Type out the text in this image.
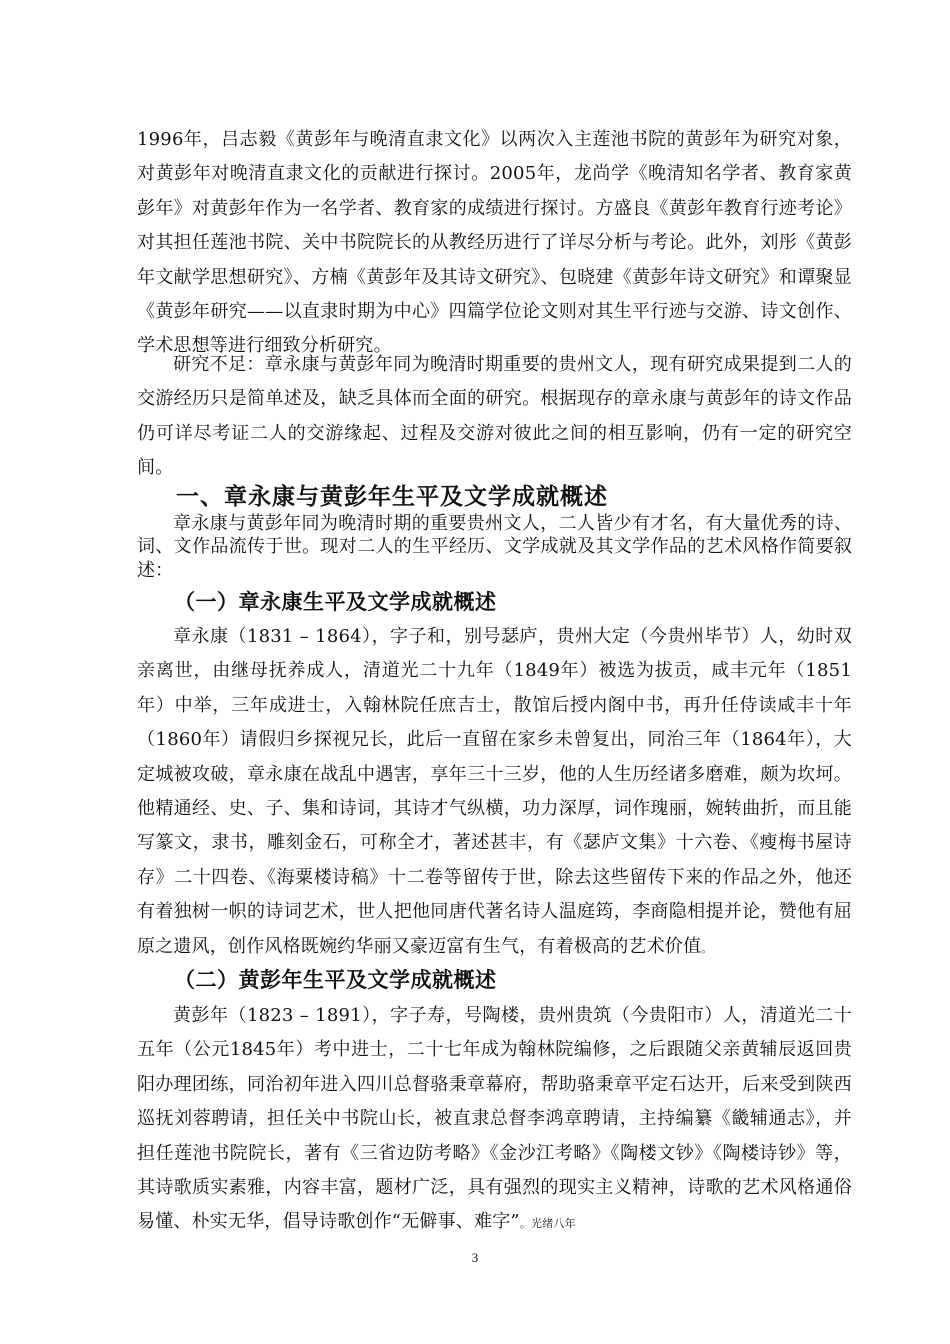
1996年，吕志毅《黄彭年与晚清直隶文化》以两次入主莲池书院的黄彭年为研究对象，对黄彭年对晚清直隶文化的贡献进行探讨。2005年，龙尚学《晚清知名学者、教育家黄彭年》对黄彭年作为一名学者、教育家的成绩进行探讨。方盛良《黄彭年教育行迹考论》对其担任莲池书院、关中书院院长的从教经历进行了详尽分析与考论。此外，刘彤《黄彭年文献学思想研究》、方楠《黄彭年及其诗文研究》、包晓建《黄彭年诗文研究》和谭聚显《黄彭年研究——以直隶时期为中心》四篇学位论文则对其生平行迹与交游、诗文创作、学术思想等进行细致分析研究。

研究不足：章永康与黄彭年同为晚清时期重要的贵州文人，现有研究成果提到二人的交游经历只是简单述及，缺乏具体而全面的研究。根据现存的章永康与黄彭年的诗文作品仍可详尽考证二人的交游缘起、过程及交游对彼此之间的相互影响，仍有一定的研究空间。

一、章永康与黄彭年生平及文学成就概述

章永康与黄彭年同为晚清时期的重要贵州文人，二人皆少有才名，有大量优秀的诗、词、文作品流传于世。现对二人的生平经历、文学成就及其文学作品的艺术风格作简要叙述：

（一）章永康生平及文学成就概述

章永康（1831 – 1864），字子和，别号瑟庐，贵州大定（今贵州毕节）人，幼时双亲离世，由继母抚养成人，清道光二十九年（1849年）被选为拔贡，咸丰元年（1851年）中举，三年成进士，入翰林院任庶吉士，散馆后授内阁中书，再升任侍读咸丰十年（1860年）请假归乡探视兄长，此后一直留在家乡未曾复出，同治三年（1864年），大定城被攻破，章永康在战乱中遇害，享年三十三岁，他的人生历经诸多磨难，颇为坎坷。他精通经、史、子、集和诗词，其诗才气纵横，功力深厚，词作瑰丽，婉转曲折，而且能写篆文，隶书，雕刻金石，可称全才，著述甚丰，有《瑟庐文集》十六卷、《瘦梅书屋诗存》二十四卷、《海粟楼诗稿》十二卷等留传于世，除去这些留传下来的作品之外，他还有着独树一帜的诗词艺术，世人把他同唐代著名诗人温庭筠，李商隐相提并论，赞他有屈原之遗风，创作风格既婉约华丽又豪迈富有生气，有着极高的艺术价值。

（二）黄彭年生平及文学成就概述

黄彭年（1823 – 1891），字子寿，号陶楼，贵州贵筑（今贵阳市）人，清道光二十五年（公元1845年）考中进士，二十七年成为翰林院编修，之后跟随父亲黄辅辰返回贵阳办理团练，同治初年进入四川总督骆秉章幕府，帮助骆秉章平定石达开，后来受到陕西巡抚刘蓉聘请，担任关中书院山长，被直隶总督李鸿章聘请，主持编纂《畿辅通志》，并担任莲池书院院长，著有《三省边防考略》《金沙江考略》《陶楼文钞》《陶楼诗钞》等，其诗歌质实素雅，内容丰富，题材广泛，具有强烈的现实主义精神，诗歌的艺术风格通俗易懂、朴实无华，倡导诗歌创作“无僻事、难字”。光绪八年

3
